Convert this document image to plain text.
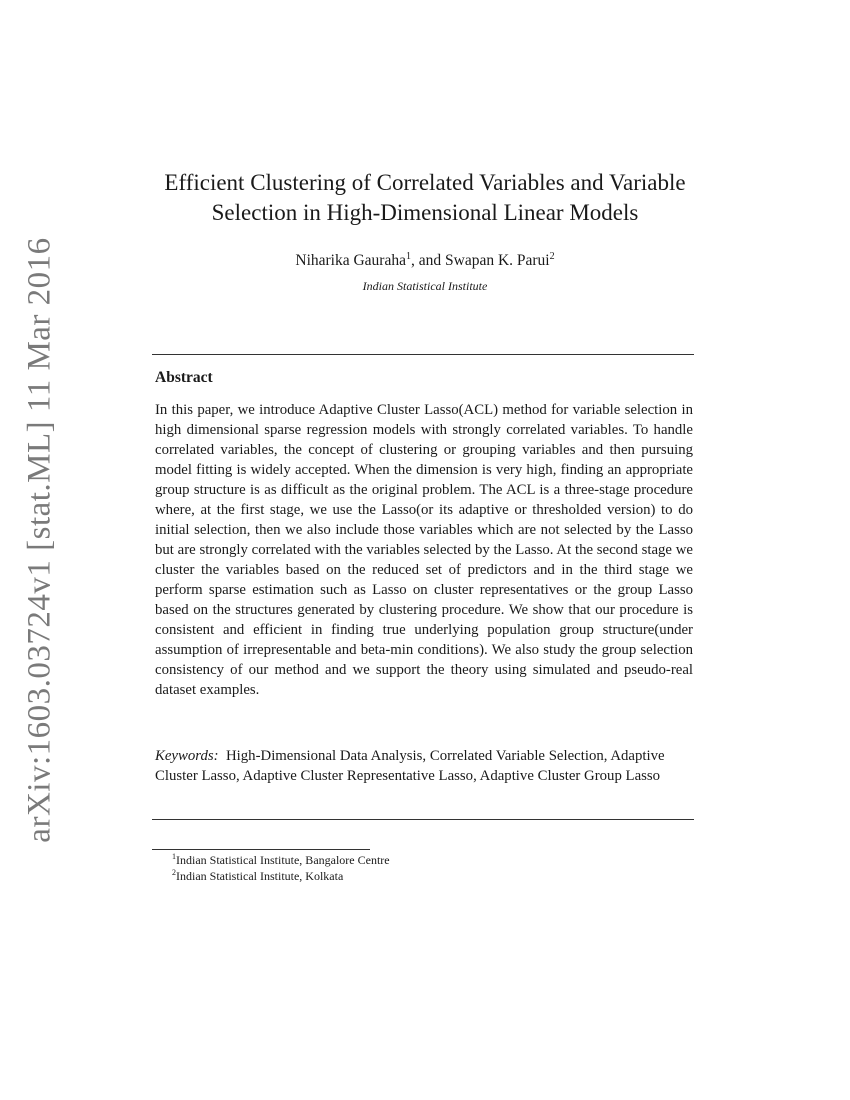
arXiv:1603.03724v1 [stat.ML] 11 Mar 2016
Efficient Clustering of Correlated Variables and Variable Selection in High-Dimensional Linear Models
Niharika Gauraha$^1$, and Swapan K. Parui$^2$
Indian Statistical Institute
Abstract

In this paper, we introduce Adaptive Cluster Lasso(ACL) method for variable selection in high dimensional sparse regression models with strongly correlated variables. To handle correlated variables, the concept of clustering or grouping variables and then pursuing model fitting is widely accepted. When the dimension is very high, finding an appropriate group structure is as difficult as the original problem. The ACL is a three-stage procedure where, at the first stage, we use the Lasso(or its adaptive or thresholded version) to do initial selection, then we also include those variables which are not selected by the Lasso but are strongly correlated with the variables selected by the Lasso. At the second stage we cluster the variables based on the reduced set of predictors and in the third stage we perform sparse estimation such as Lasso on cluster representatives or the group Lasso based on the structures generated by clustering procedure. We show that our procedure is consistent and efficient in finding true underlying population group structure(under assumption of irrepresentable and beta-min conditions). We also study the group selection consistency of our method and we support the theory using simulated and pseudo-real dataset examples.

Keywords: High-Dimensional Data Analysis, Correlated Variable Selection, Adaptive Cluster Lasso, Adaptive Cluster Representative Lasso, Adaptive Cluster Group Lasso

$^1$Indian Statistical Institute, Bangalore Centre
$^2$Indian Statistical Institute, Kolkata
